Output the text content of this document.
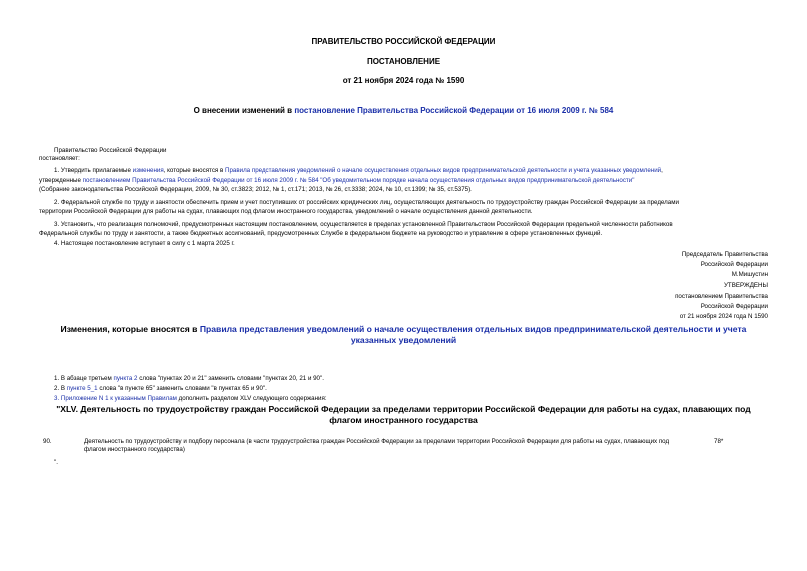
ПРАВИТЕЛЬСТВО РОССИЙСКОЙ ФЕДЕРАЦИИ
ПОСТАНОВЛЕНИЕ
от 21 ноября 2024 года № 1590
О внесении изменений в постановление Правительства Российской Федерации от 16 июля 2009 г. № 584
Правительство Российской Федерации
постановляет:
1. Утвердить прилагаемые изменения, которые вносятся в Правила представления уведомлений о начале осуществления отдельных видов предпринимательской деятельности и учета указанных уведомлений,
утвержденные постановлением Правительства Российской Федерации от 16 июля 2009 г. № 584 "Об уведомительном порядке начала осуществления отдельных видов предпринимательской деятельности"
(Собрание законодательства Российской Федерации, 2009, № 30, ст.3823; 2012, № 1, ст.171; 2013, № 26, ст.3338; 2024, № 10, ст.1399; № 35, ст.5375).
2. Федеральной службе по труду и занятости обеспечить прием и учет поступивших от российских юридических лиц, осуществляющих деятельность по трудоустройству граждан Российской Федерации за пределами
территории Российской Федерации для работы на судах, плавающих под флагом иностранного государства, уведомлений о начале осуществления данной деятельности.
3. Установить, что реализация полномочий, предусмотренных настоящим постановлением, осуществляется в пределах установленной Правительством Российской Федерации предельной численности работников
Федеральной службы по труду и занятости, а также бюджетных ассигнований, предусмотренных Службе в федеральном бюджете на руководство и управление в сфере установленных функций.
4. Настоящее постановление вступает в силу с 1 марта 2025 г.
Председатель Правительства
Российской Федерации
М.Мишустин
УТВЕРЖДЕНЫ
постановлением Правительства
Российской Федерации
от 21 ноября 2024 года N 1590
Изменения, которые вносятся в Правила представления уведомлений о начале осуществления отдельных видов предпринимательской деятельности и учета
указанных уведомлений
1. В абзаце третьем пункта 2 слова "пунктах 20 и 21" заменить словами "пунктах 20, 21 и 90".
2. В пункте 5_1 слова "в пункте 65" заменить словами "в пунктах 65 и 90".
3. Приложение N 1 к указанным Правилам дополнить разделом XLV следующего содержания:
"XLV. Деятельность по трудоустройству граждан Российской Федерации за пределами территории Российской Федерации для работы на судах, плавающих под
флагом иностранного государства
90.	Деятельность по трудоустройству и подбору персонала (в части трудоустройства граждан Российской Федерации за пределами территории Российской Федерации для работы на судах, плавающих под
флагом иностранного государства)
78*
".
